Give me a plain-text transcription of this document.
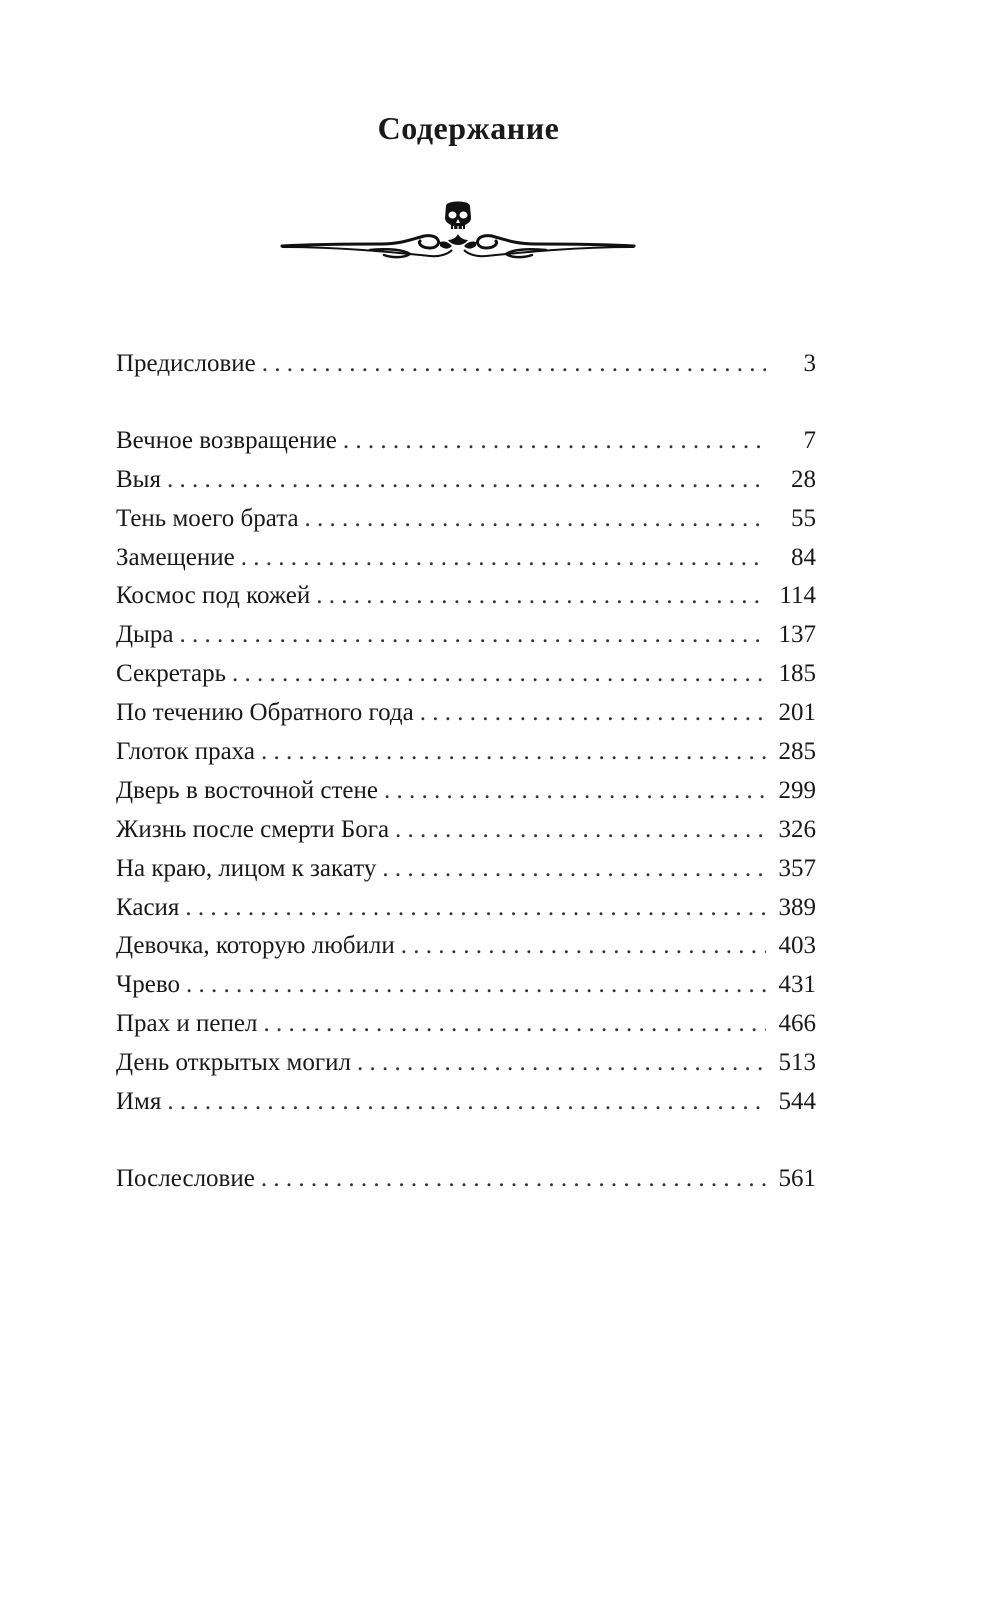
Содержание
Предисловие . . .	3
Вечное возвращение . . .	7
Выя . . .	28
Тень моего брата . . .	55
Замещение . . .	84
Космос под кожей . . .	114
Дыра . . .	137
Секретарь . . .	185
По течению Обратного года . . .	201
Глоток праха . . .	285
Дверь в восточной стене . . .	299
Жизнь после смерти Бога . . .	326
На краю, лицом к закату . . .	357
Касия . . .	389
Девочка, которую любили . . .	403
Чрево . . .	431
Прах и пепел . . .	466
День открытых могил . . .	513
Имя . . .	544
Послесловие . . .	561
